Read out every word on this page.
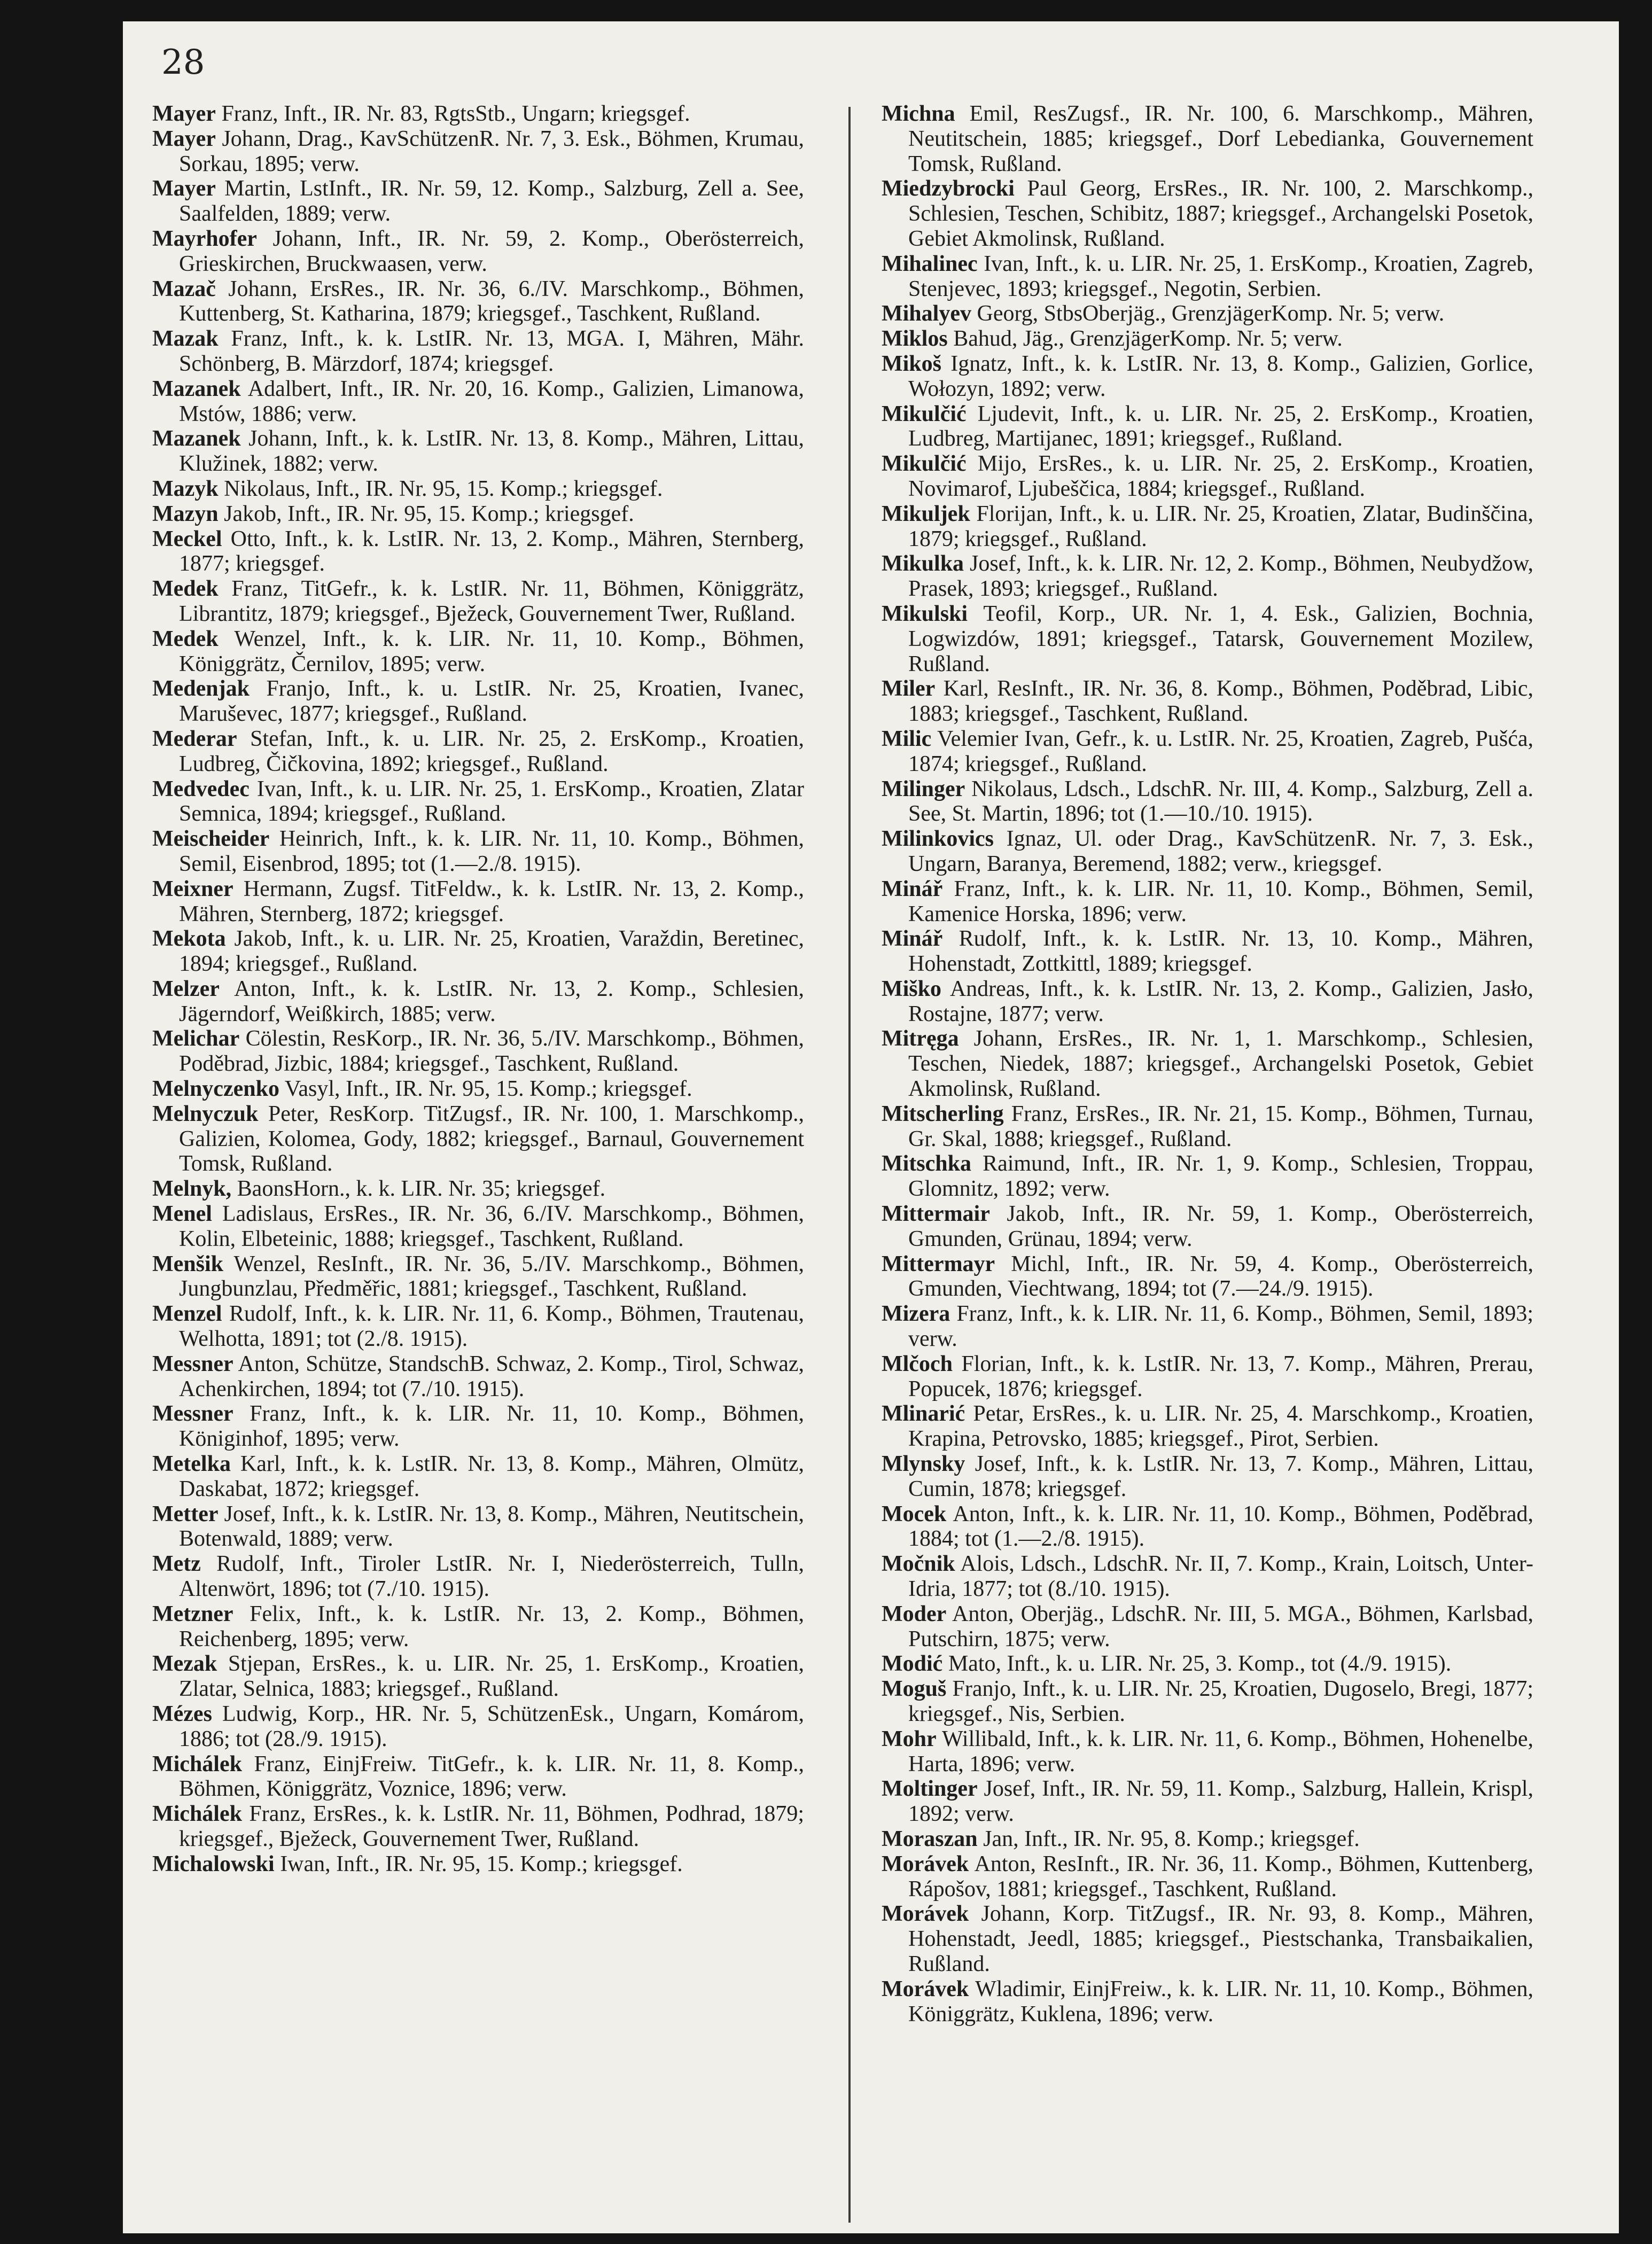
28
Mayer Franz, Inft., IR. Nr. 83, RgtsStb., Ungarn; kriegsgef.
Mayer Johann, Drag., KavSchützenR. Nr. 7, 3. Esk., Böhmen, Krumau, Sorkau, 1895; verw.
Mayer Martin, LstInft., IR. Nr. 59, 12. Komp., Salzburg, Zell a. See, Saalfelden, 1889; verw.
Mayrhofer Johann, Inft., IR. Nr. 59, 2. Komp., Oberösterreich, Grieskirchen, Bruckwaasen, verw.
Mazač Johann, ErsRes., IR. Nr. 36, 6./IV. Marschkomp., Böhmen, Kuttenberg, St. Katharina, 1879; kriegsgef., Taschkent, Rußland.
Mazak Franz, Inft., k. k. LstIR. Nr. 13, MGA. I, Mähren, Mähr. Schönberg, B. Märzdorf, 1874; kriegsgef.
Mazanek Adalbert, Inft., IR. Nr. 20, 16. Komp., Galizien, Limanowa, Mstów, 1886; verw.
Mazanek Johann, Inft., k. k. LstIR. Nr. 13, 8. Komp., Mähren, Littau, Klužinek, 1882; verw.
Mazyk Nikolaus, Inft., IR. Nr. 95, 15. Komp.; kriegsgef.
Mazyn Jakob, Inft., IR. Nr. 95, 15. Komp.; kriegsgef.
Meckel Otto, Inft., k. k. LstIR. Nr. 13, 2. Komp., Mähren, Sternberg, 1877; kriegsgef.
Medek Franz, TitGefr., k. k. LstIR. Nr. 11, Böhmen, Königgrätz, Librantitz, 1879; kriegsgef., Bježeck, Gouvernement Twer, Rußland.
Medek Wenzel, Inft., k. k. LIR. Nr. 11, 10. Komp., Böhmen, Königgrätz, Černilov, 1895; verw.
Medenjak Franjo, Inft., k. u. LstIR. Nr. 25, Kroatien, Ivanec, Maruševec, 1877; kriegsgef., Rußland.
Mederar Stefan, Inft., k. u. LIR. Nr. 25, 2. ErsKomp., Kroatien, Ludbreg, Čičkovina, 1892; kriegsgef., Rußland.
Medvedec Ivan, Inft., k. u. LIR. Nr. 25, 1. ErsKomp., Kroatien, Zlatar Semnica, 1894; kriegsgef., Rußland.
Meischeider Heinrich, Inft., k. k. LIR. Nr. 11, 10. Komp., Böhmen, Semil, Eisenbrod, 1895; tot (1.—2./8. 1915).
Meixner Hermann, Zugsf. TitFeldw., k. k. LstIR. Nr. 13, 2. Komp., Mähren, Sternberg, 1872; kriegsgef.
Mekota Jakob, Inft., k. u. LIR. Nr. 25, Kroatien, Varaždin, Beretinec, 1894; kriegsgef., Rußland.
Melzer Anton, Inft., k. k. LstIR. Nr. 13, 2. Komp., Schlesien, Jägerndorf, Weißkirch, 1885; verw.
Melichar Cölestin, ResKorp., IR. Nr. 36, 5./IV. Marschkomp., Böhmen, Poděbrad, Jizbic, 1884; kriegsgef., Taschkent, Rußland.
Melnyczenko Vasyl, Inft., IR. Nr. 95, 15. Komp.; kriegsgef.
Melnyczuk Peter, ResKorp. TitZugsf., IR. Nr. 100, 1. Marschkomp., Galizien, Kolomea, Gody, 1882; kriegsgef., Barnaul, Gouvernement Tomsk, Rußland.
Melnyk, BaonsHorn., k. k. LIR. Nr. 35; kriegsgef.
Menel Ladislaus, ErsRes., IR. Nr. 36, 6./IV. Marschkomp., Böhmen, Kolin, Elbeteinic, 1888; kriegsgef., Taschkent, Rußland.
Menšik Wenzel, ResInft., IR. Nr. 36, 5./IV. Marschkomp., Böhmen, Jungbunzlau, Předměřic, 1881; kriegsgef., Taschkent, Rußland.
Menzel Rudolf, Inft., k. k. LIR. Nr. 11, 6. Komp., Böhmen, Trautenau, Welhotta, 1891; tot (2./8. 1915).
Messner Anton, Schütze, StandschB. Schwaz, 2. Komp., Tirol, Schwaz, Achenkirchen, 1894; tot (7./10. 1915).
Messner Franz, Inft., k. k. LIR. Nr. 11, 10. Komp., Böhmen, Königinhof, 1895; verw.
Metelka Karl, Inft., k. k. LstIR. Nr. 13, 8. Komp., Mähren, Olmütz, Daskabat, 1872; kriegsgef.
Metter Josef, Inft., k. k. LstIR. Nr. 13, 8. Komp., Mähren, Neutitschein, Botenwald, 1889; verw.
Metz Rudolf, Inft., Tiroler LstIR. Nr. I, Niederösterreich, Tulln, Altenwört, 1896; tot (7./10. 1915).
Metzner Felix, Inft., k. k. LstIR. Nr. 13, 2. Komp., Böhmen, Reichenberg, 1895; verw.
Mezak Stjepan, ErsRes., k. u. LIR. Nr. 25, 1. ErsKomp., Kroatien, Zlatar, Selnica, 1883; kriegsgef., Rußland.
Mézes Ludwig, Korp., HR. Nr. 5, SchützenEsk., Ungarn, Komárom, 1886; tot (28./9. 1915).
Michálek Franz, EinjFreiw. TitGefr., k. k. LIR. Nr. 11, 8. Komp., Böhmen, Königgrätz, Voznice, 1896; verw.
Michálek Franz, ErsRes., k. k. LstIR. Nr. 11, Böhmen, Podhrad, 1879; kriegsgef., Bježeck, Gouvernement Twer, Rußland.
Michalowski Iwan, Inft., IR. Nr. 95, 15. Komp.; kriegsgef.
Michna Emil, ResZugsf., IR. Nr. 100, 6. Marschkomp., Mähren, Neutitschein, 1885; kriegsgef., Dorf Lebedianka, Gouvernement Tomsk, Rußland.
Miedzybrocki Paul Georg, ErsRes., IR. Nr. 100, 2. Marschkomp., Schlesien, Teschen, Schibitz, 1887; kriegsgef., Archangelski Posetok, Gebiet Akmolinsk, Rußland.
Mihalinec Ivan, Inft., k. u. LIR. Nr. 25, 1. ErsKomp., Kroatien, Zagreb, Stenjevec, 1893; kriegsgef., Negotin, Serbien.
Mihalyev Georg, StbsOberjäg., GrenzjägerKomp. Nr. 5; verw.
Miklos Bahud, Jäg., GrenzjägerKomp. Nr. 5; verw.
Mikoš Ignatz, Inft., k. k. LstIR. Nr. 13, 8. Komp., Galizien, Gorlice, Wołozyn, 1892; verw.
Mikulčić Ljudevit, Inft., k. u. LIR. Nr. 25, 2. ErsKomp., Kroatien, Ludbreg, Martijanec, 1891; kriegsgef., Rußland.
Mikulčić Mijo, ErsRes., k. u. LIR. Nr. 25, 2. ErsKomp., Kroatien, Novimarof, Ljubeščica, 1884; kriegsgef., Rußland.
Mikuljek Florijan, Inft., k. u. LIR. Nr. 25, Kroatien, Zlatar, Budinščina, 1879; kriegsgef., Rußland.
Mikulka Josef, Inft., k. k. LIR. Nr. 12, 2. Komp., Böhmen, Neubydžow, Prasek, 1893; kriegsgef., Rußland.
Mikulski Teofil, Korp., UR. Nr. 1, 4. Esk., Galizien, Bochnia, Logwizdów, 1891; kriegsgef., Tatarsk, Gouvernement Mozilew, Rußland.
Miler Karl, ResInft., IR. Nr. 36, 8. Komp., Böhmen, Poděbrad, Libic, 1883; kriegsgef., Taschkent, Rußland.
Milic Velemier Ivan, Gefr., k. u. LstIR. Nr. 25, Kroatien, Zagreb, Pušća, 1874; kriegsgef., Rußland.
Milinger Nikolaus, Ldsch., LdschR. Nr. III, 4. Komp., Salzburg, Zell a. See, St. Martin, 1896; tot (1.—10./10. 1915).
Milinkovics Ignaz, Ul. oder Drag., KavSchützenR. Nr. 7, 3. Esk., Ungarn, Baranya, Beremend, 1882; verw., kriegsgef.
Minář Franz, Inft., k. k. LIR. Nr. 11, 10. Komp., Böhmen, Semil, Kamenice Horska, 1896; verw.
Minář Rudolf, Inft., k. k. LstIR. Nr. 13, 10. Komp., Mähren, Hohenstadt, Zottkittl, 1889; kriegsgef.
Miško Andreas, Inft., k. k. LstIR. Nr. 13, 2. Komp., Galizien, Jasło, Rostajne, 1877; verw.
Mitręga Johann, ErsRes., IR. Nr. 1, 1. Marschkomp., Schlesien, Teschen, Niedek, 1887; kriegsgef., Archangelski Posetok, Gebiet Akmolinsk, Rußland.
Mitscherling Franz, ErsRes., IR. Nr. 21, 15. Komp., Böhmen, Turnau, Gr. Skal, 1888; kriegsgef., Rußland.
Mitschka Raimund, Inft., IR. Nr. 1, 9. Komp., Schlesien, Troppau, Glomnitz, 1892; verw.
Mittermair Jakob, Inft., IR. Nr. 59, 1. Komp., Oberösterreich, Gmunden, Grünau, 1894; verw.
Mittermayr Michl, Inft., IR. Nr. 59, 4. Komp., Oberösterreich, Gmunden, Viechtwang, 1894; tot (7.—24./9. 1915).
Mizera Franz, Inft., k. k. LIR. Nr. 11, 6. Komp., Böhmen, Semil, 1893; verw.
Mlčoch Florian, Inft., k. k. LstIR. Nr. 13, 7. Komp., Mähren, Prerau, Popucek, 1876; kriegsgef.
Mlinarić Petar, ErsRes., k. u. LIR. Nr. 25, 4. Marschkomp., Kroatien, Krapina, Petrovsko, 1885; kriegsgef., Pirot, Serbien.
Mlynsky Josef, Inft., k. k. LstIR. Nr. 13, 7. Komp., Mähren, Littau, Cumin, 1878; kriegsgef.
Mocek Anton, Inft., k. k. LIR. Nr. 11, 10. Komp., Böhmen, Poděbrad, 1884; tot (1.—2./8. 1915).
Močnik Alois, Ldsch., LdschR. Nr. II, 7. Komp., Krain, Loitsch, Unter-Idria, 1877; tot (8./10. 1915).
Moder Anton, Oberjäg., LdschR. Nr. III, 5. MGA., Böhmen, Karlsbad, Putschirn, 1875; verw.
Modić Mato, Inft., k. u. LIR. Nr. 25, 3. Komp., tot (4./9. 1915).
Moguš Franjo, Inft., k. u. LIR. Nr. 25, Kroatien, Dugoselo, Bregi, 1877; kriegsgef., Nis, Serbien.
Mohr Willibald, Inft., k. k. LIR. Nr. 11, 6. Komp., Böhmen, Hohenelbe, Harta, 1896; verw.
Moltinger Josef, Inft., IR. Nr. 59, 11. Komp., Salzburg, Hallein, Krispl, 1892; verw.
Moraszan Jan, Inft., IR. Nr. 95, 8. Komp.; kriegsgef.
Morávek Anton, ResInft., IR. Nr. 36, 11. Komp., Böhmen, Kuttenberg, Rápošov, 1881; kriegsgef., Taschkent, Rußland.
Morávek Johann, Korp. TitZugsf., IR. Nr. 93, 8. Komp., Mähren, Hohenstadt, Jeedl, 1885; kriegsgef., Piestschanka, Transbaikalien, Rußland.
Morávek Wladimir, EinjFreiw., k. k. LIR. Nr. 11, 10. Komp., Böhmen, Königgrätz, Kuklena, 1896; verw.
